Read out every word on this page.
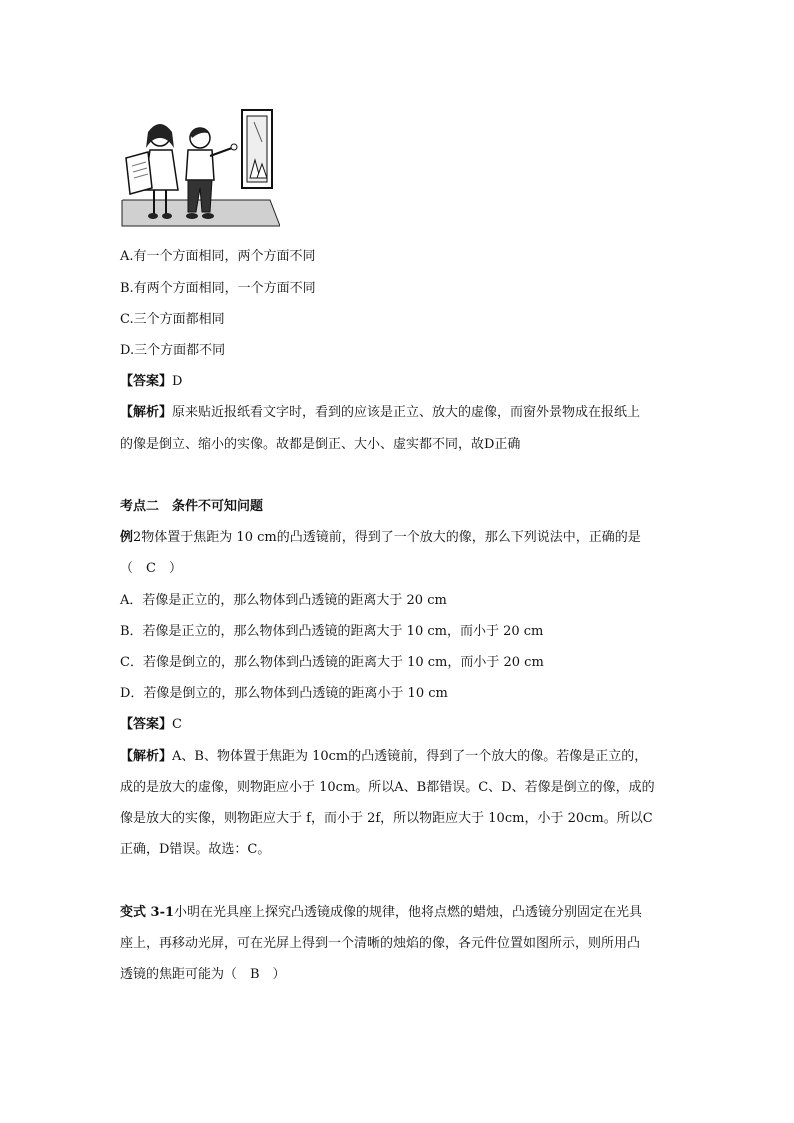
A.有一个方面相同，两个方面不同
B.有两个方面相同，一个方面不同
C.三个方面都相同
D.三个方面都不同
【答案】D
【解析】原来贴近报纸看文字时，看到的应该是正立、放大的虚像，而窗外景物成在报纸上
的像是倒立、缩小的实像。故都是倒正、大小、虚实都不同，故D正确
考点二　条件不可知问题
例2物体置于焦距为 10 cm的凸透镜前，得到了一个放大的像，那么下列说法中，正确的是
（　C　）
A．若像是正立的，那么物体到凸透镜的距离大于 20 cm
B．若像是正立的，那么物体到凸透镜的距离大于 10 cm，而小于 20 cm
C．若像是倒立的，那么物体到凸透镜的距离大于 10 cm，而小于 20 cm
D．若像是倒立的，那么物体到凸透镜的距离小于 10 cm
【答案】C
【解析】A、B、物体置于焦距为 10cm的凸透镜前，得到了一个放大的像。若像是正立的，
成的是放大的虚像，则物距应小于 10cm。所以A、B都错误。C、D、若像是倒立的像，成的
像是放大的实像，则物距应大于 f，而小于 2f，所以物距应大于 10cm，小于 20cm。所以C
正确，D错误。故选：C。
变式 3-1小明在光具座上探究凸透镜成像的规律，他将点燃的蜡烛，凸透镜分别固定在光具
座上，再移动光屏，可在光屏上得到一个清晰的烛焰的像，各元件位置如图所示，则所用凸
透镜的焦距可能为（　B　）
